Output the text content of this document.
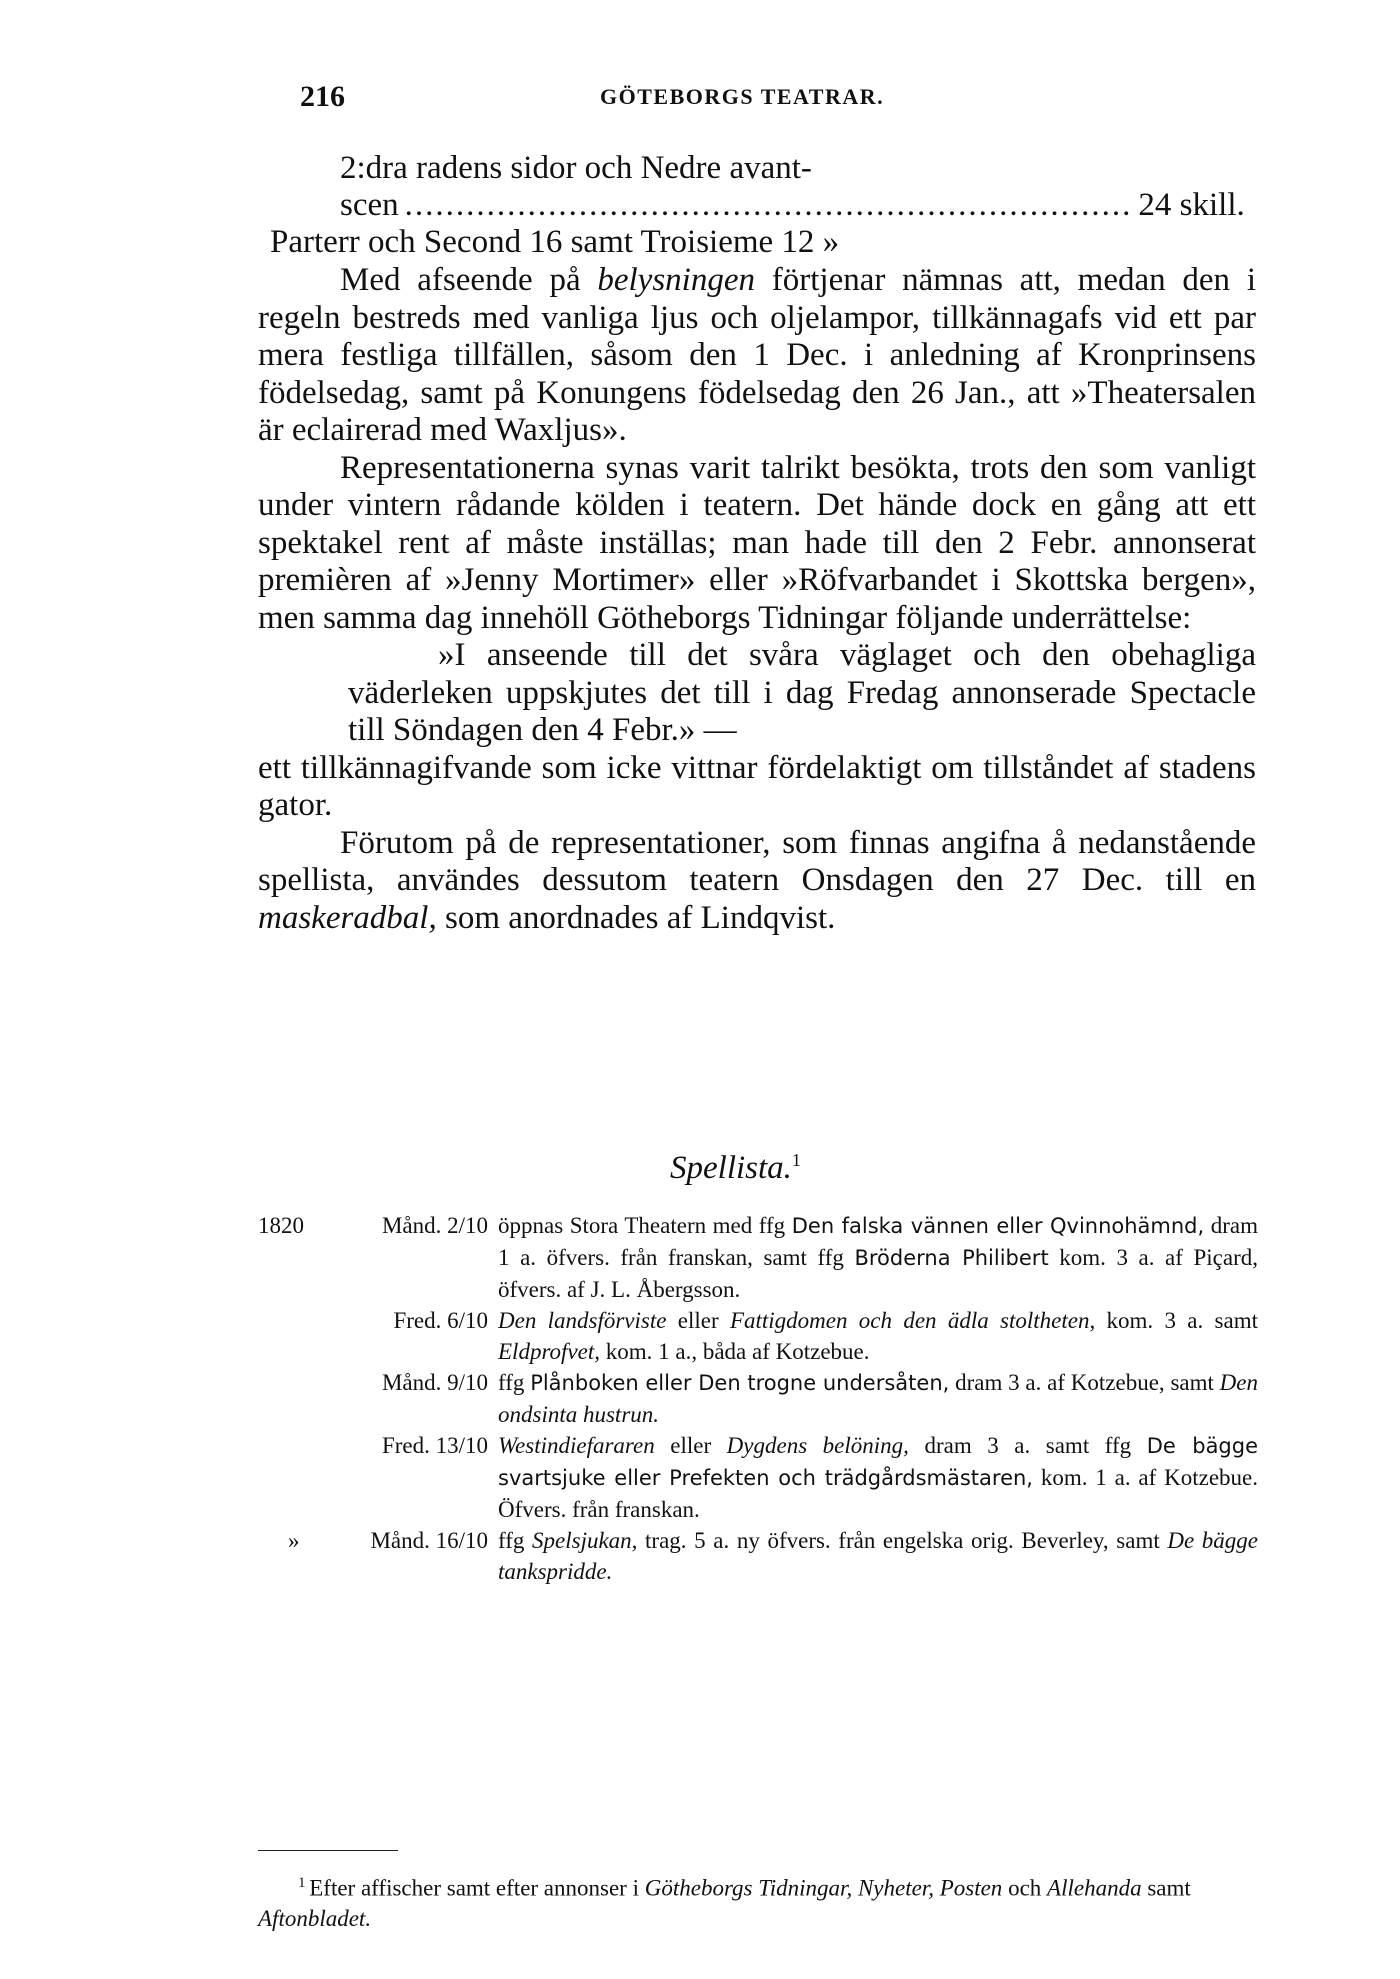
216	GÖTEBORGS TEATRAR.
2:dra radens sidor och Nedre avant-
scen ....................................................................... 24 skill.
Parterr och Second 16 samt Troisieme 12 »

Med afseende på belysningen förtjenar nämnas att, medan den i regeln bestreds med vanliga ljus och oljelampor, tillkännagafs vid ett par mera festliga tillfällen, såsom den 1 Dec. i anledning af Kronprinsens födelsedag, samt på Konungens födelsedag den 26 Jan., att »Theatersalen är eclairerad med Waxljus».

Representationerna synas varit talrikt besökta, trots den som vanligt under vintern rådande kölden i teatern. Det hände dock en gång att ett spektakel rent af måste inställas; man hade till den 2 Febr. annonserat premièren af »Jenny Mortimer» eller »Röfvarbandet i Skottska bergen», men samma dag innehöll Götheborgs Tidningar följande underrättelse:

»I anseende till det svåra väglaget och den obehagliga väderleken uppskjutes det till i dag Fredag annonserade Spectacle till Söndagen den 4 Febr.» —

ett tillkännagifvande som icke vittnar fördelaktigt om tillståndet af stadens gator.

Förutom på de representationer, som finnas angifna å nedanstående spellista, användes dessutom teatern Onsdagen den 27 Dec. till en maskeradbal, som anordnades af Lindqvist.

Spellista.$^1$
1820	Månd. 2/10 öppnas Stora Theatern med ffg Den falska vännen eller Qvinnohämnd, dram 1 a. öfvers. från franskan, samt ffg Bröderna Philibert kom. 3 a. af Piçard, öfvers. af J. L. Åbergsson.
Fred. 6/10 Den landsförviste eller Fattigdomen och den ädla stoltheten, kom. 3 a. samt Eldprofvet, kom. 1 a., båda af Kotzebue.
Månd. 9/10 ffg Plånboken eller Den trogne undersåten, dram 3 a. af Kotzebue, samt Den ondsinta hustrun.
Fred. 13/10 Westindiefararen eller Dygdens belöning, dram 3 a. samt ffg De bägge svartsjuke eller Prefekten och trädgårdsmästaren, kom. 1 a. af Kotzebue. Öfvers. från franskan.
»	Månd. 16/10 ffg Spelsjukan, trag. 5 a. ny öfvers. från engelska orig. Beverley, samt De bägge tankspridde.
$^1$ Efter affischer samt efter annonser i Götheborgs Tidningar, Nyheter, Posten och Allehanda samt Aftonbladet.
